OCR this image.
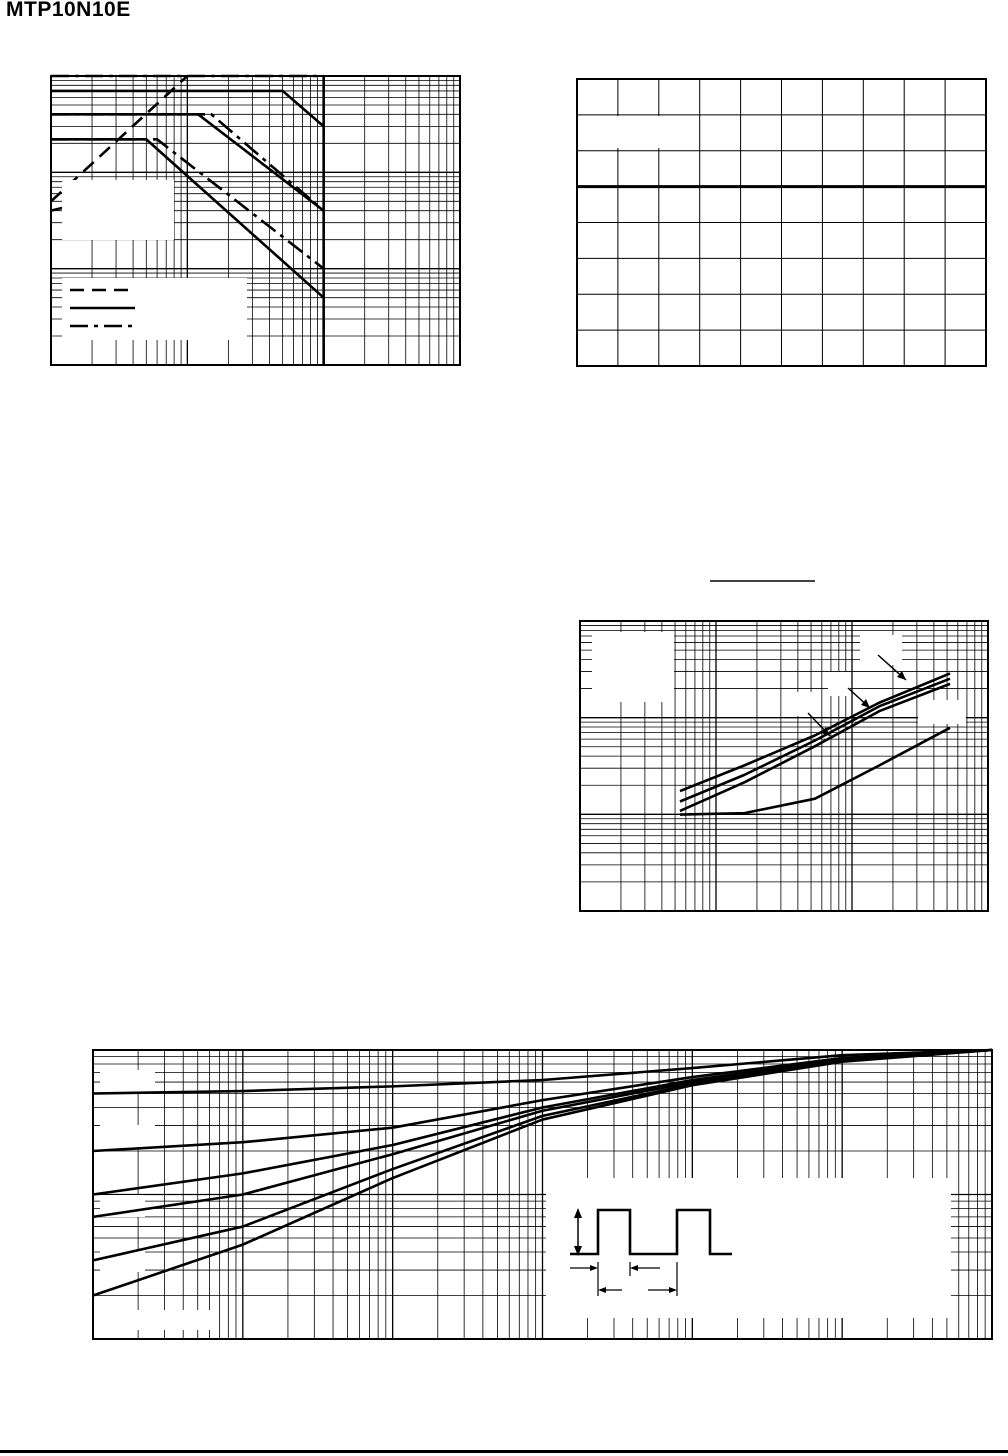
MTP10N10E
